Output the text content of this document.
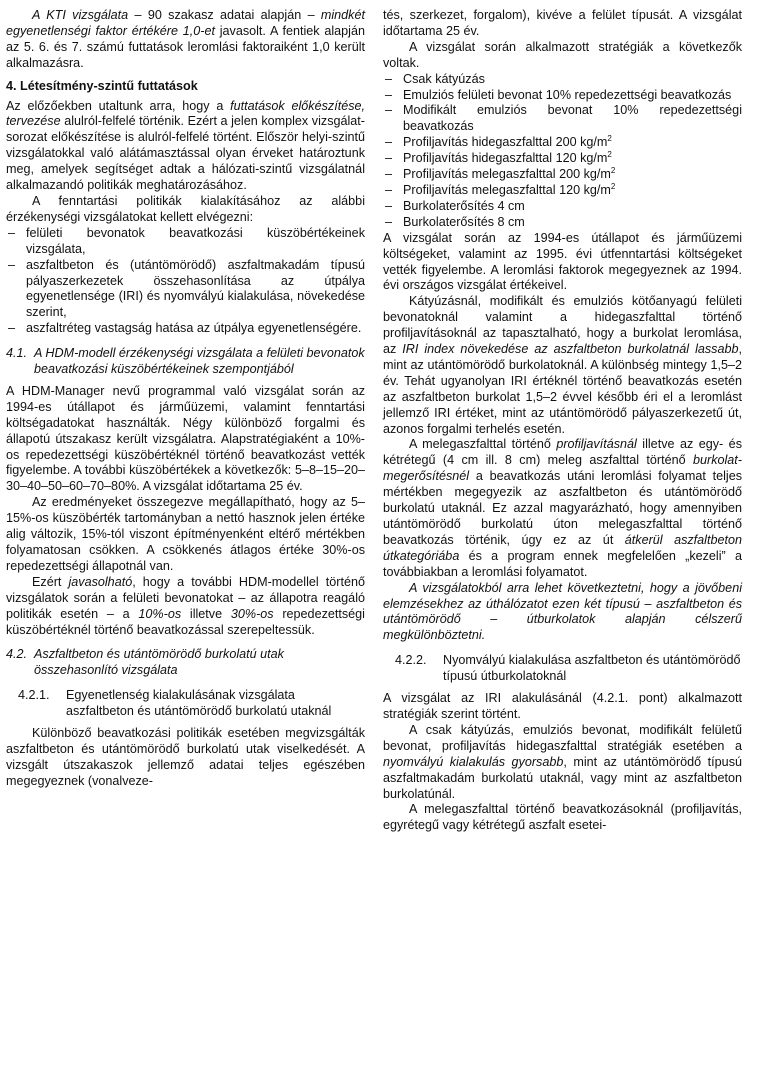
A KTI vizsgálata – 90 szakasz adatai alapján – mindkét egyenetlenségi faktor értékére 1,0-et javasolt. A fentiek alapján az 5. 6. és 7. számú futtatások leromlási faktoraiként 1,0 került alkalmazásra.

4. Létesítmény-szintű futtatások

Az előzőekben utaltunk arra, hogy a futtatások előkészítése, tervezése alulról-felfelé történik. Ezért a jelen komplex vizsgálat-sorozat előkészítése is alulról-felfelé történt. Először helyi-szintű vizsgálatokkal való alátámasztással olyan érveket határoztunk meg, amelyek segítséget adtak a hálózati-szintű vizsgálatnál alkalmazandó politikák meghatározásához.

A fenntartási politikák kialakításához az alábbi érzékenységi vizsgálatokat kellett elvégezni:

– felületi bevonatok beavatkozási küszöbértékeinek vizsgálata,
– aszfaltbeton és (utántömörödő) aszfaltmakadám típusú pályaszerkezetek összehasonlítása az útpálya egyenetlensége (IRI) és nyomvályú kialakulása, növekedése szerint,
– aszfaltréteg vastagság hatása az útpálya egyenetlenségére.

4.1. A HDM-modell érzékenységi vizsgálata a felületi bevonatok beavatkozási küszöbértékeinek szempontjából

A HDM-Manager nevű programmal való vizsgálat során az 1994-es útállapot és járműüzemi, valamint fenntartási költségadatokat használták. Négy különböző forgalmi és állapotú útszakasz került vizsgálatra. Alapstratégiaként a 10%-os repedezettségi küszöbértéknél történő beavatkozást vették figyelembe. A további küszöbértékek a következők: 5–8–15–20–30–40–50–60–70–80%. A vizsgálat időtartama 25 év.

Az eredményeket összegezve megállapítható, hogy az 5–15%-os küszöbérték tartományban a nettó hasznok jelen értéke alig változik, 15%-tól viszont építményenként eltérő mértékben folyamatosan csökken. A csökkenés átlagos értéke 30%-os repedezettségi állapotnál van.

Ezért javasolható, hogy a további HDM-modellel történő vizsgálatok során a felületi bevonatokat – az állapotra reagáló politikák esetén – a 10%-os illetve 30%-os repedezettségi küszöbértéknél történő beavatkozással szerepeltessük.

4.2. Aszfaltbeton és utántömörödő burkolatú utak összehasonlító vizsgálata

4.2.1. Egyenetlenség kialakulásának vizsgálata aszfaltbeton és utántömörödő burkolatú utaknál

Különböző beavatkozási politikák esetében megvizsgálták aszfaltbeton és utántömörödő burkolatú utak viselkedését. A vizsgált útszakaszok jellemző adatai teljes egészében megegyeznek (vonalveze-

tés, szerkezet, forgalom), kivéve a felület típusát. A vizsgálat időtartama 25 év.

A vizsgálat során alkalmazott stratégiák a következők voltak.

– Csak kátyúzás
– Emulziós felületi bevonat 10% repedezettségi beavatkozás
– Modifikált emulziós bevonat 10% repedezettségi beavatkozás
– Profiljavítás hidegaszfalttal 200 $kg/m^2$
– Profiljavítás hidegaszfalttal 120 $kg/m^2$
– Profiljavítás melegaszfalttal 200 $kg/m^2$
– Profiljavítás melegaszfalttal 120 $kg/m^2$
– Burkolaterősítés 4 cm
– Burkolaterősítés 8 cm

A vizsgálat során az 1994-es útállapot és járműüzemi költségeket, valamint az 1995. évi útfenntartási költségeket vették figyelembe. A leromlási faktorok megegyeznek az 1994. évi országos vizsgálat értékeivel.

Kátyúzásnál, modifikált és emulziós kötőanyagú felületi bevonatoknál valamint a hidegaszfalttal történő profiljavításoknál az tapasztalható, hogy a burkolat leromlása, az IRI index növekedése az aszfaltbeton burkolatnál lassabb, mint az utántömörödő burkolatoknál. A különbség mintegy 1,5–2 év. Tehát ugyanolyan IRI értéknél történő beavatkozás esetén az aszfaltbeton burkolat 1,5–2 évvel később éri el a leromlást jellemző IRI értéket, mint az utántömörödő pályaszerkezetű út, azonos forgalmi terhelés esetén.

A melegaszfalttal történő profiljavításnál illetve az egy- és kétrétegű (4 cm ill. 8 cm) meleg aszfalttal történő burkolat-megerősítésnél a beavatkozás utáni leromlási folyamat teljes mértékben megegyezik az aszfaltbeton és utántömörödő burkolatú utaknál. Ez azzal magyarázható, hogy amennyiben utántömörödő burkolatú úton melegaszfalttal történő beavatkozás történik, úgy ez az út átkerül aszfaltbeton útkategóriába és a program ennek megfelelően „kezeli” a továbbiakban a leromlási folyamatot.

A vizsgálatokból arra lehet következtetni, hogy a jövőbeni elemzésekhez az úthálózatot ezen két típusú – aszfaltbeton és utántömörödő – útburkolatok alapján célszerű megkülönböztetni.

4.2.2. Nyomvályú kialakulása aszfaltbeton és utántömörödő típusú útburkolatoknál

A vizsgálat az IRI alakulásánál (4.2.1. pont) alkalmazott stratégiák szerint történt.

A csak kátyúzás, emulziós bevonat, modifikált felületű bevonat, profiljavítás hidegaszfalttal stratégiák esetében a nyomvályú kialakulás gyorsabb, mint az utántömörödő típusú aszfaltmakadám burkolatú utaknál, vagy mint az aszfaltbeton burkolatúnál.

A melegaszfalttal történő beavatkozásoknál (profiljavítás, egyrétegű vagy kétrétegű aszfalt esetei-
